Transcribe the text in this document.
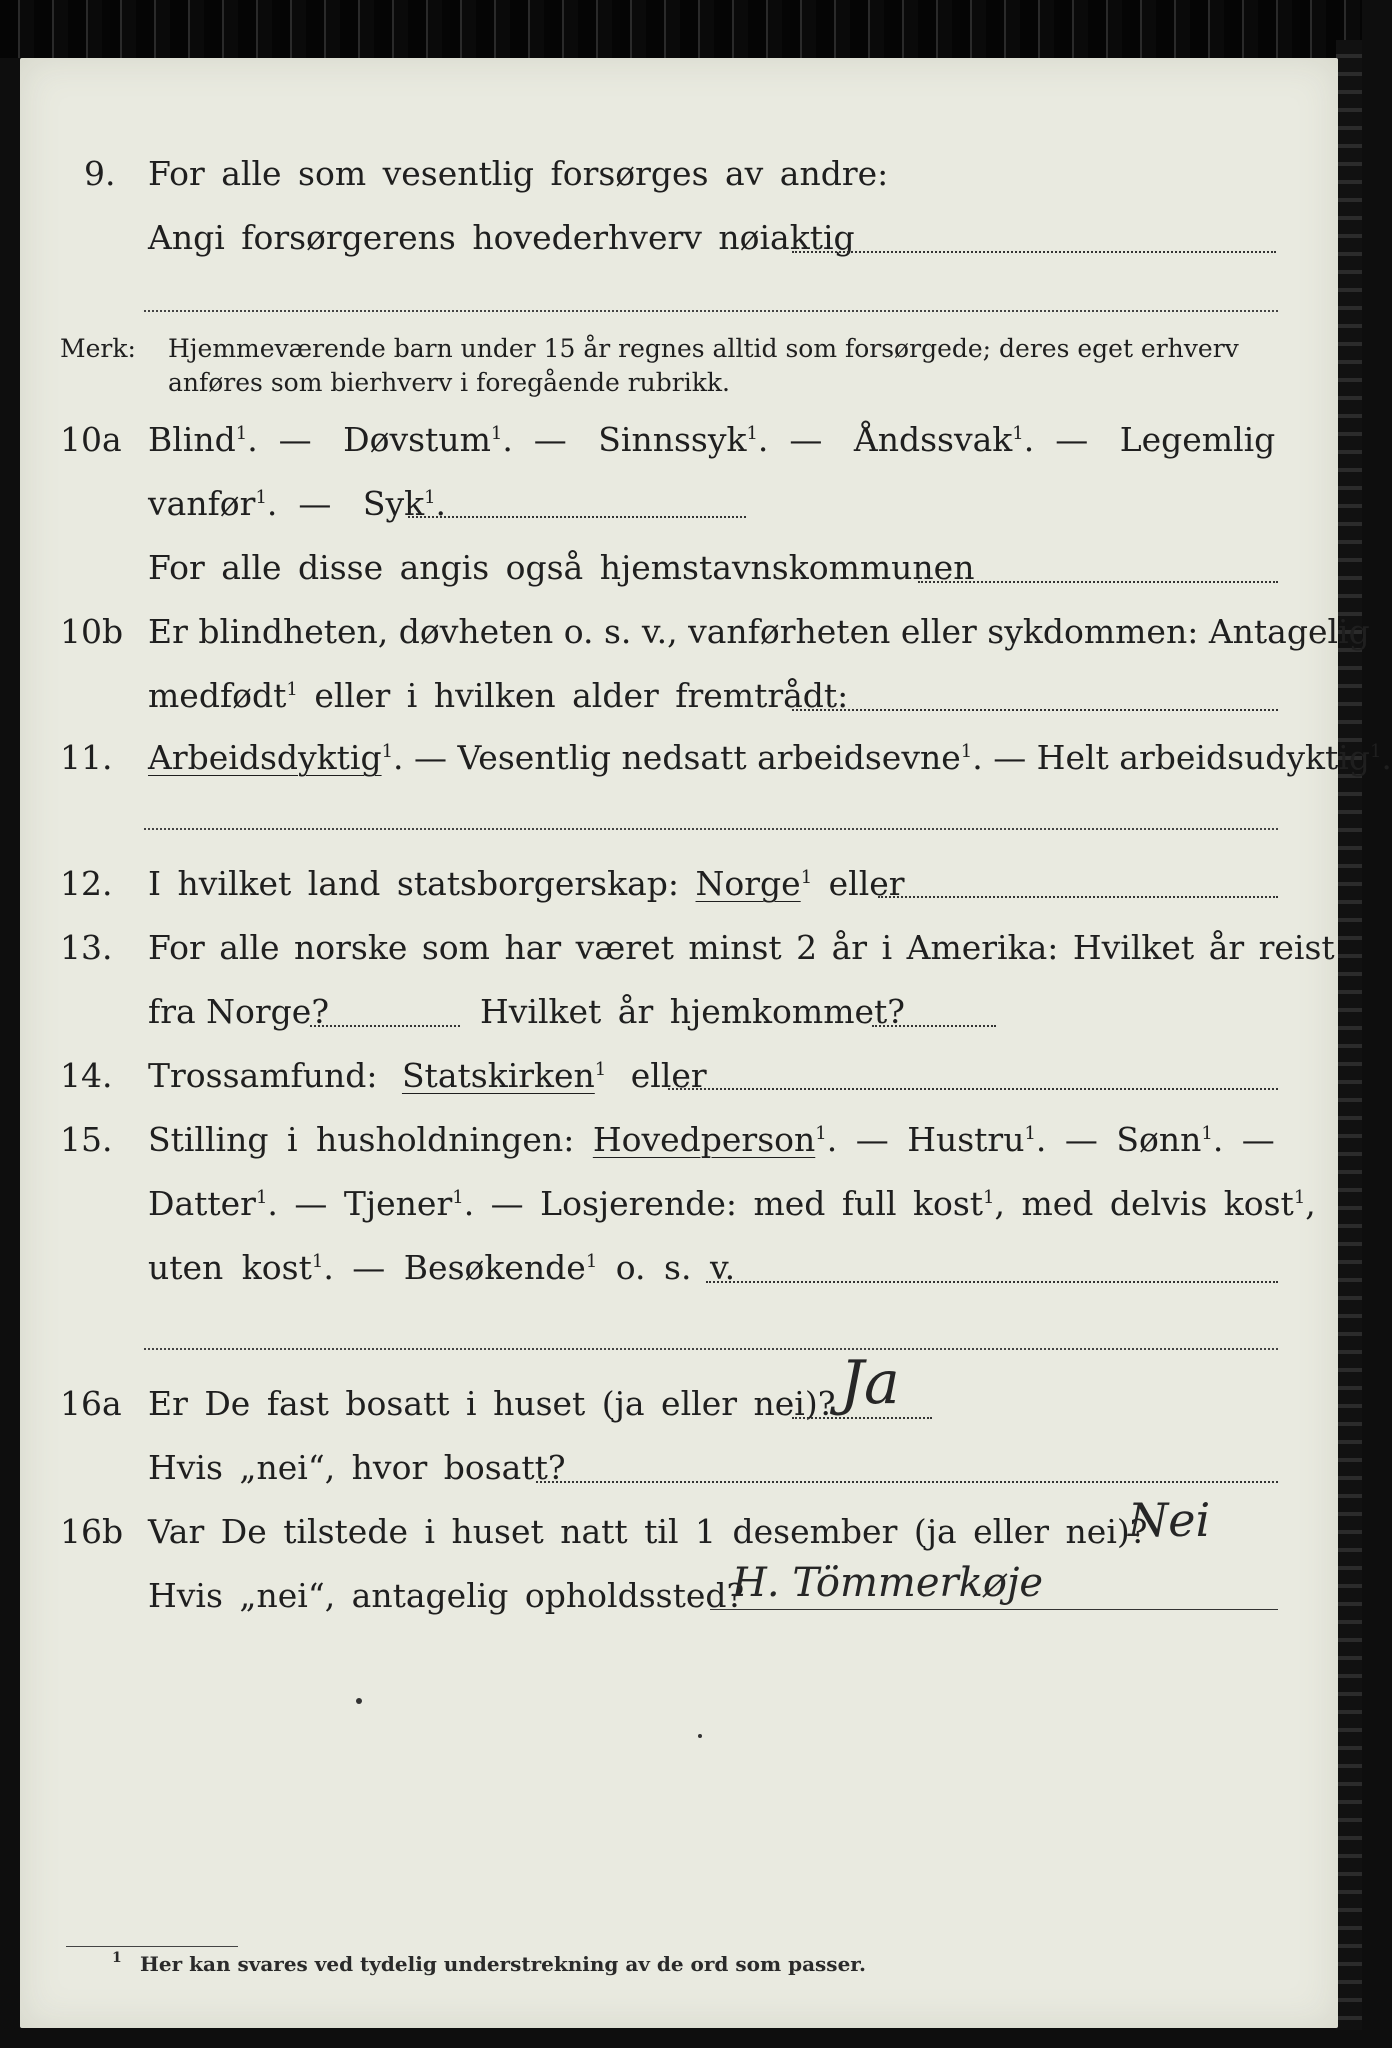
9. For alle som vesentlig forsørges av andre:
Angi forsørgerens hovederhverv nøiaktig
Merk: Hjemmeværende barn under 15 år regnes alltid som forsørgede; deres eget erhverv
anføres som bierhverv i foregående rubrikk.
10a Blind$^1$.  —   Døvstum$^1$.  —   Sinnssyk$^1$.  —   Åndssvak$^1$.  —   Legemlig
vanfør$^1$.  —   Syk$^1$.
For alle disse angis også hjemstavnskommunen
10b Er blindheten, døvheten o. s. v., vanførheten eller sykdommen: Antagelig
medfødt$^1$ eller i hvilken alder fremtrådt:
11. Arbeidsdyktig$^1$. — Vesentlig nedsatt arbeidsevne$^1$. — Helt arbeidsudyktig$^1$.
12. I hvilket land statsborgerskap: Norge$^1$ eller
13. For alle norske som har været minst 2 år i Amerika: Hvilket år reist
fra Norge?	Hvilket år hjemkommet?
14. Trossamfund: Statskirken$^1$ eller
15. Stilling i husholdningen: Hovedperson$^1$. — Hustru$^1$. — Sønn$^1$. —
Datter$^1$. — Tjener$^1$. — Losjerende: med full kost$^1$, med delvis kost$^1$,
uten kost$^1$. — Besøkende$^1$ o. s. v.
16a Er De fast bosatt i huset (ja eller nei)? Ja
Hvis „nei“, hvor bosatt?
16b Var De tilstede i huset natt til 1 desember (ja eller nei)?
Nei
Hvis „nei“, antagelig opholdssted?
H. Tömmerkøje
1 Her kan svares ved tydelig understrekning av de ord som passer.
